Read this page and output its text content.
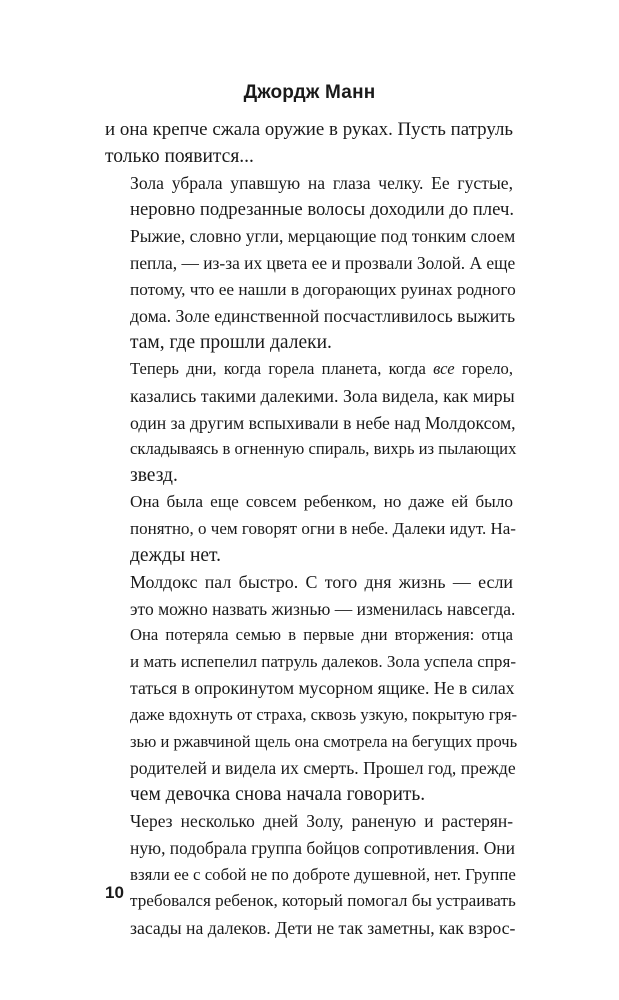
Джордж Манн

и она крепче сжала оружие в руках. Пусть патруль
только появится...

Зола убрала упавшую на глаза челку. Ее густые,
неровно подрезанные волосы доходили до плеч.
Рыжие, словно угли, мерцающие под тонким слоем
пепла, — из-за их цвета ее и прозвали Золой. А еще
потому, что ее нашли в догорающих руинах родного
дома. Золе единственной посчастливилось выжить
там, где прошли далеки.

Теперь дни, когда горела планета, когда все горело,
казались такими далекими. Зола видела, как миры
один за другим вспыхивали в небе над Молдоксом,
складываясь в огненную спираль, вихрь из пылающих
звезд.

Она была еще совсем ребенком, но даже ей было
понятно, о чем говорят огни в небе. Далеки идут. На-
дежды нет.

Молдокс пал быстро. С того дня жизнь — если
это можно назвать жизнью — изменилась навсегда.

Она потеряла семью в первые дни вторжения: отца
и мать испепелил патруль далеков. Зола успела спря-
таться в опрокинутом мусорном ящике. Не в силах
даже вдохнуть от страха, сквозь узкую, покрытую гря-
зью и ржавчиной щель она смотрела на бегущих прочь
родителей и видела их смерть. Прошел год, прежде
чем девочка снова начала говорить.

Через несколько дней Золу, раненую и растерян-
ную, подобрала группа бойцов сопротивления. Они
взяли ее с собой не по доброте душевной, нет. Группе
требовался ребенок, который помогал бы устраивать
засады на далеков. Дети не так заметны, как взрос-

10
